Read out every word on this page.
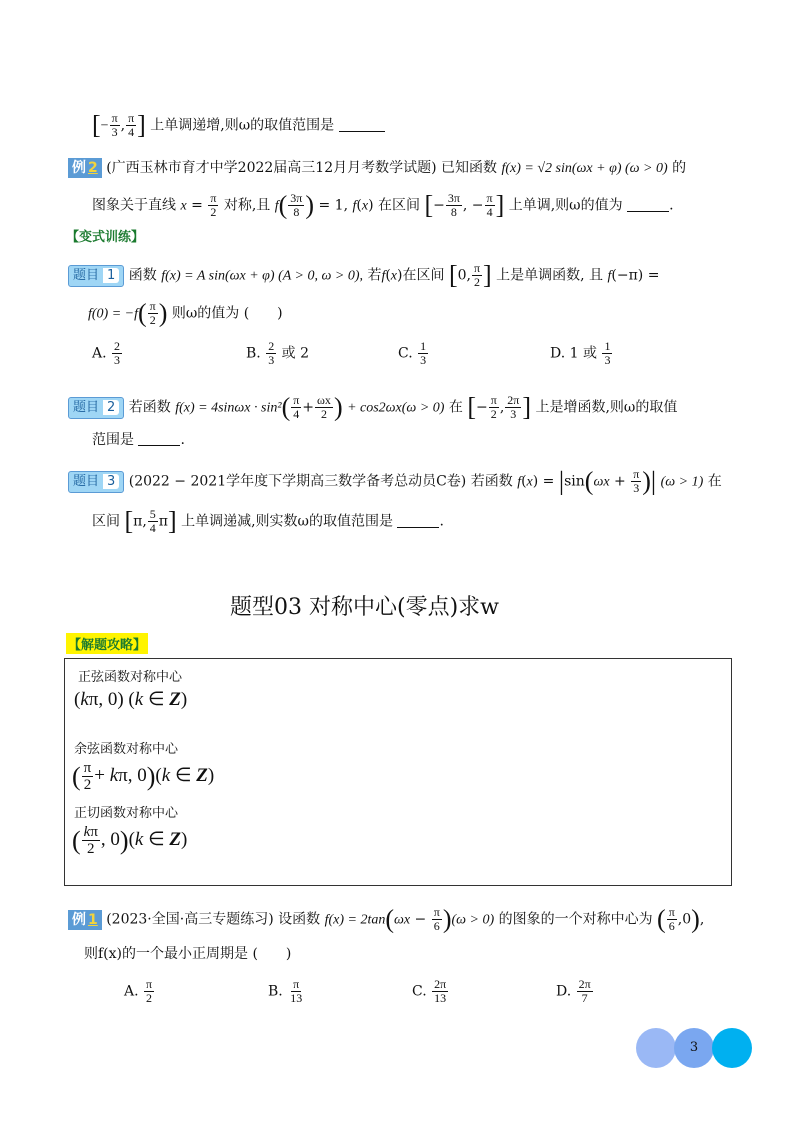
[− $\frac{\pi}{3}$ , $\frac{\pi}{4}$ ] 上单调递增,则ω的取值范围是
例 2 (广西玉林市育才中学2022届高三12月月考数学试题) 已知函数 f(x) = √2 sin(ωx + φ) (ω > 0) 的
图象关于直线 $x = \frac{\pi}{2}$ 对称,且 $f( \frac{3\pi}{8}$ ) = 1, f(x) 在区间 [− $\frac{3\pi}{8}$ , − $\frac{\pi}{4}$ ] 上单调,则ω的值为	.
【变式训练】
题目 1 函数 f(x) = A sin(ωx + φ) (A > 0, ω > 0), 若f(x)在区间 [0, $\frac{\pi}{2}$ ] 上是单调函数, 且 f(−π) =
$f(0) = -f( \frac{\pi}{2}$ ) 则ω的值为 (　　)
A. $\frac{2}{3}$	B. $\frac{2}{3}$ 或 2	C. $\frac{1}{3}$	D. 1 或 $\frac{1}{3}$
题目 2 若函数 $f(x) = 4\sin\omega x \cdot \sin^2( \frac{\pi}{4} + \frac{\omega x}{2}$ ) + cos2ωx(ω > 0) 在 [− $\frac{\pi}{2}$ , $\frac{2\pi}{3}$ ] 上是增函数,则ω的取值
范围是	.
题目 3 (2022 − 2021学年度下学期高三数学备考总动员C卷) 若函数 $f(x) = |\sin(\omega x + \frac{\pi}{3}$ )| (ω > 1) 在
区间 [π, $\frac{5}{4} \pi$] 上单调递减,则实数ω的取值范围是	.
题型03 对称中心(零点)求w
【解题攻略】
正弦函数对称中心
(kπ, 0) (k ∈ Z)
余弦函数对称中心
( $\frac{\pi}{2} + k\pi$, 0)(k ∈ Z)
正切函数对称中心
( $\frac{k\pi}{2}$ , 0)(k ∈ Z)
例 1 (2023·全国·高三专题练习) 设函数 $f(x) = 2\tan(\omega x - \frac{\pi}{6} )(\omega > 0)$ 的图象的一个对称中心为 ( $\frac{\pi}{6} ,0$),
则f(x)的一个最小正周期是 (　　)
A. $\frac{\pi}{2}$	B. $\frac{\pi}{13}$	C. $\frac{2\pi}{13}$	D. $\frac{2\pi}{7}$
3
